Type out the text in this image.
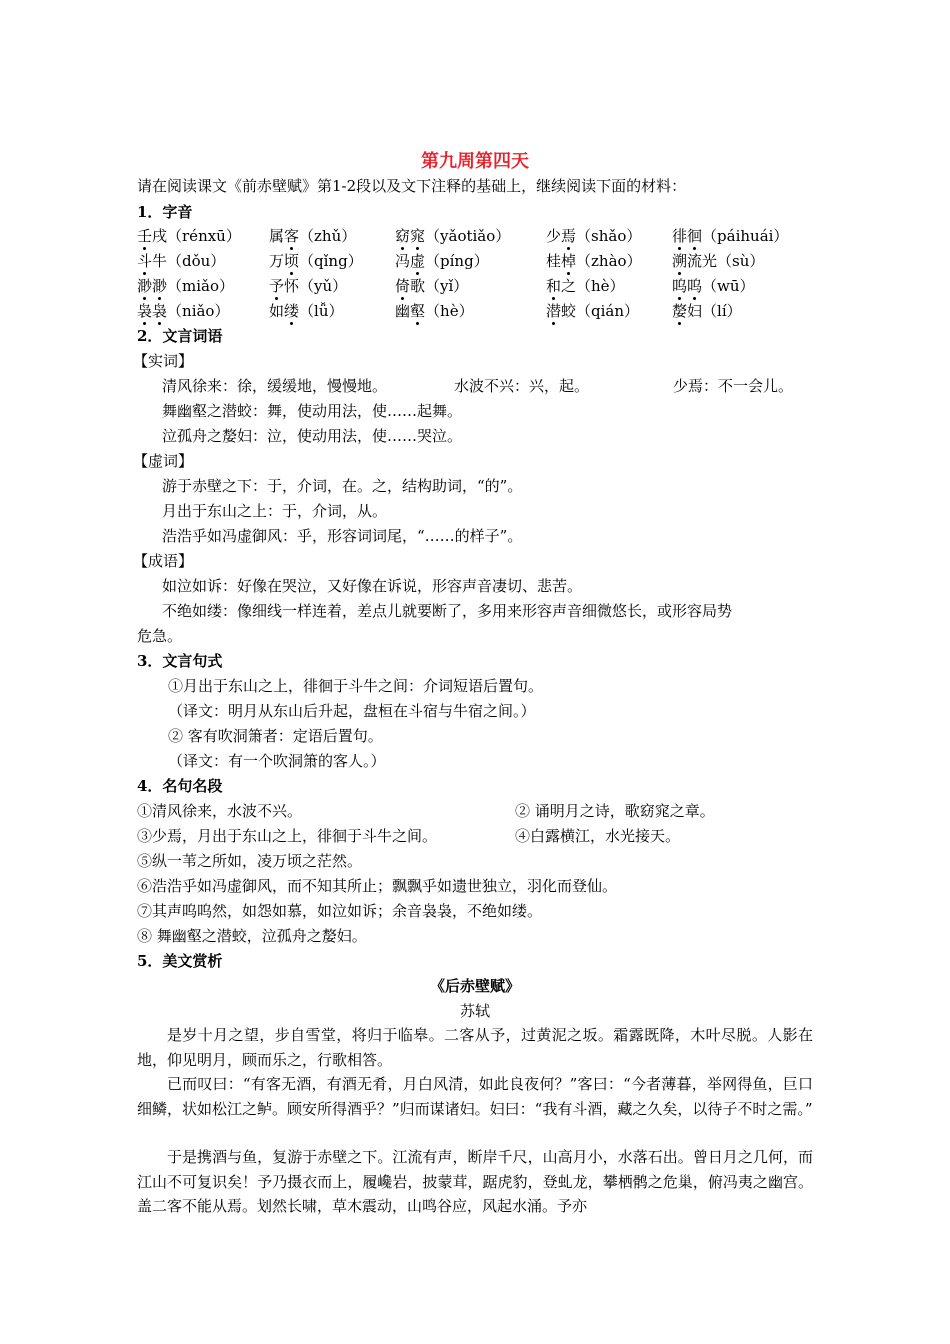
第九周第四天
请在阅读课文《前赤壁赋》第1-2段以及文下注释的基础上，继续阅读下面的材料：
1．字音
壬戌（rénxū） 属客（zhǔ）	窈窕（yǎotiǎo） 少焉（shǎo） 徘徊（páihuái）
斗牛（dǒu）	万顷（qǐng） 冯虚（píng）	桂棹（zhào） 溯流光（sù）
渺渺（miǎo） 予怀（yǔ）	倚歌（yǐ）	和之（hè）	呜呜（wū）
袅袅（niǎo）	如缕（lǚ）	幽壑（hè）	潜蛟（qián） 嫠妇（lí）
2．文言词语
【实词】
清风徐来：徐，缓缓地，慢慢地。	水波不兴：兴，起。	少焉：不一会儿。
舞幽壑之潜蛟：舞，使动用法，使……起舞。
泣孤舟之嫠妇：泣，使动用法，使……哭泣。
【虚词】
游于赤壁之下：于，介词，在。之，结构助词，“的”。
月出于东山之上：于，介词，从。
浩浩乎如冯虚御风：乎，形容词词尾，“……的样子”。
【成语】
如泣如诉：好像在哭泣，又好像在诉说，形容声音凄切、悲苦。
不绝如缕：像细线一样连着，差点儿就要断了，多用来形容声音细微悠长，或形容局势
危急。
3．文言句式
①月出于东山之上，徘徊于斗牛之间：介词短语后置句。
（译文：明月从东山后升起，盘桓在斗宿与牛宿之间。）
② 客有吹洞箫者：定语后置句。
（译文：有一个吹洞箫的客人。）
4．名句名段
①清风徐来，水波不兴。	② 诵明月之诗，歌窈窕之章。
③少焉，月出于东山之上，徘徊于斗牛之间。	④白露横江，水光接天。
⑤纵一苇之所如，凌万顷之茫然。
⑥浩浩乎如冯虚御风，而不知其所止；飘飘乎如遗世独立，羽化而登仙。
⑦其声呜呜然，如怨如慕，如泣如诉；余音袅袅，不绝如缕。
⑧ 舞幽壑之潜蛟，泣孤舟之嫠妇。
5．美文赏析
《后赤壁赋》
苏轼
是岁十月之望，步自雪堂，将归于临皋。二客从予，过黄泥之坂。霜露既降，木叶尽脱。人影在地，仰见明月，顾而乐之，行歌相答。
已而叹曰：“有客无酒，有酒无肴，月白风清，如此良夜何？”客曰：“今者薄暮，举网得鱼，巨口细鳞，状如松江之鲈。顾安所得酒乎？”归而谋诸妇。妇曰：“我有斗酒，藏之久矣，以待子不时之需。”
于是携酒与鱼，复游于赤壁之下。江流有声，断岸千尺，山高月小，水落石出。曾日月之几何，而江山不可复识矣！予乃摄衣而上，履巉岩，披蒙茸，踞虎豹，登虬龙，攀栖鹘之危巢，俯冯夷之幽宫。盖二客不能从焉。划然长啸，草木震动，山鸣谷应，风起水涌。予亦
